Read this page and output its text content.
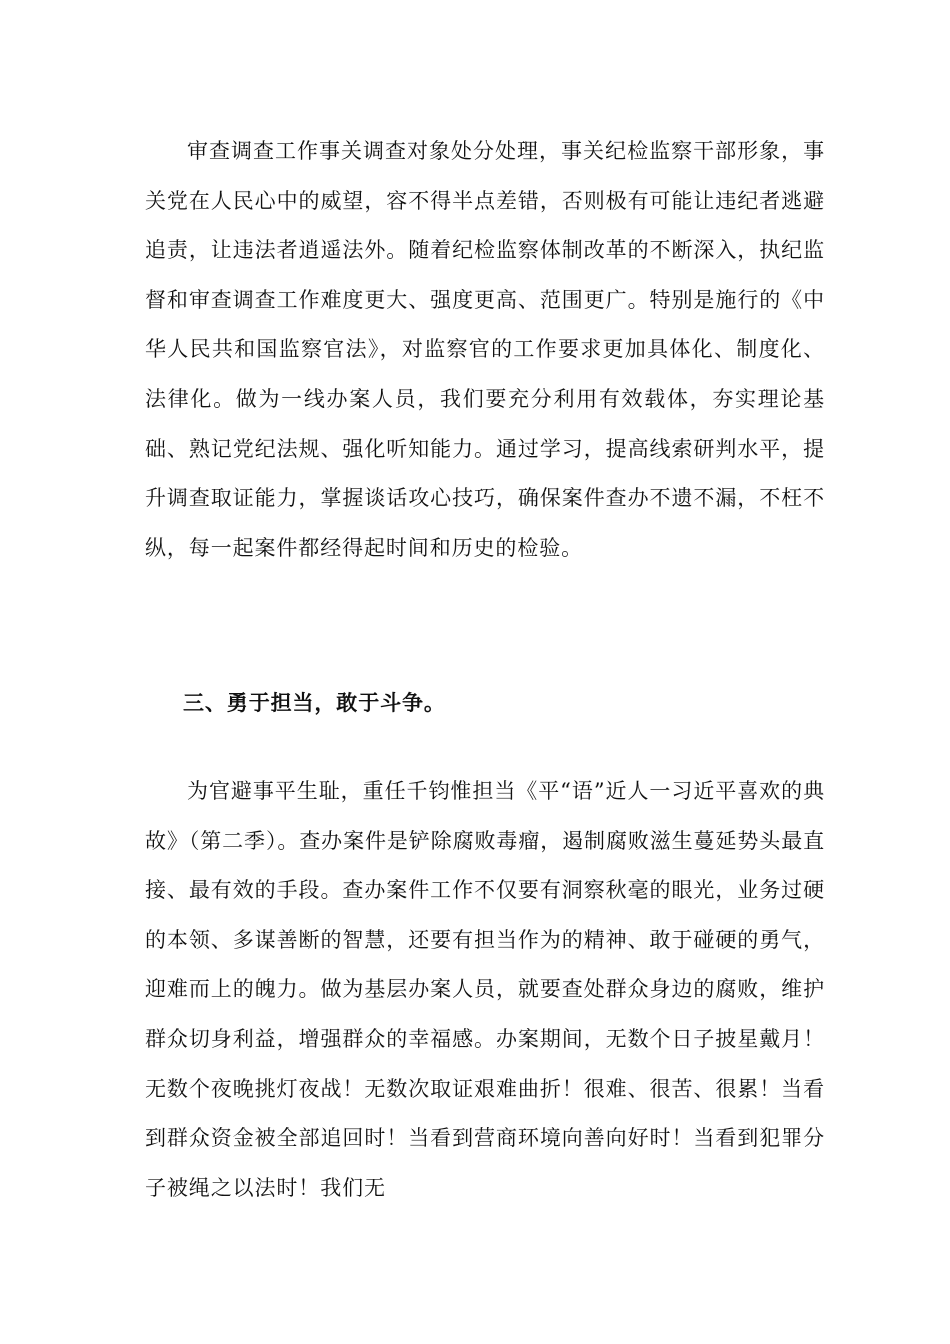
审查调查工作事关调查对象处分处理，事关纪检监察干部形象，事关党在人民心中的威望，容不得半点差错，否则极有可能让违纪者逃避追责，让违法者逍遥法外。随着纪检监察体制改革的不断深入，执纪监督和审查调查工作难度更大、强度更高、范围更广。特别是施行的《中华人民共和国监察官法》，对监察官的工作要求更加具体化、制度化、法律化。做为一线办案人员，我们要充分利用有效载体，夯实理论基础、熟记党纪法规、强化听知能力。通过学习，提高线索研判水平，提升调查取证能力，掌握谈话攻心技巧，确保案件查办不遗不漏，不枉不纵，每一起案件都经得起时间和历史的检验。

三、勇于担当，敢于斗争。

为官避事平生耻，重任千钧惟担当《平“语”近人一习近平喜欢的典故》（第二季）。查办案件是铲除腐败毒瘤，遏制腐败滋生蔓延势头最直接、最有效的手段。查办案件工作不仅要有洞察秋毫的眼光，业务过硬的本领、多谋善断的智慧，还要有担当作为的精神、敢于碰硬的勇气，迎难而上的魄力。做为基层办案人员，就要查处群众身边的腐败，维护群众切身利益，增强群众的幸福感。办案期间，无数个日子披星戴月！无数个夜晚挑灯夜战！无数次取证艰难曲折！很难、很苦、很累！当看到群众资金被全部追回时！当看到营商环境向善向好时！当看到犯罪分子被绳之以法时！我们无
